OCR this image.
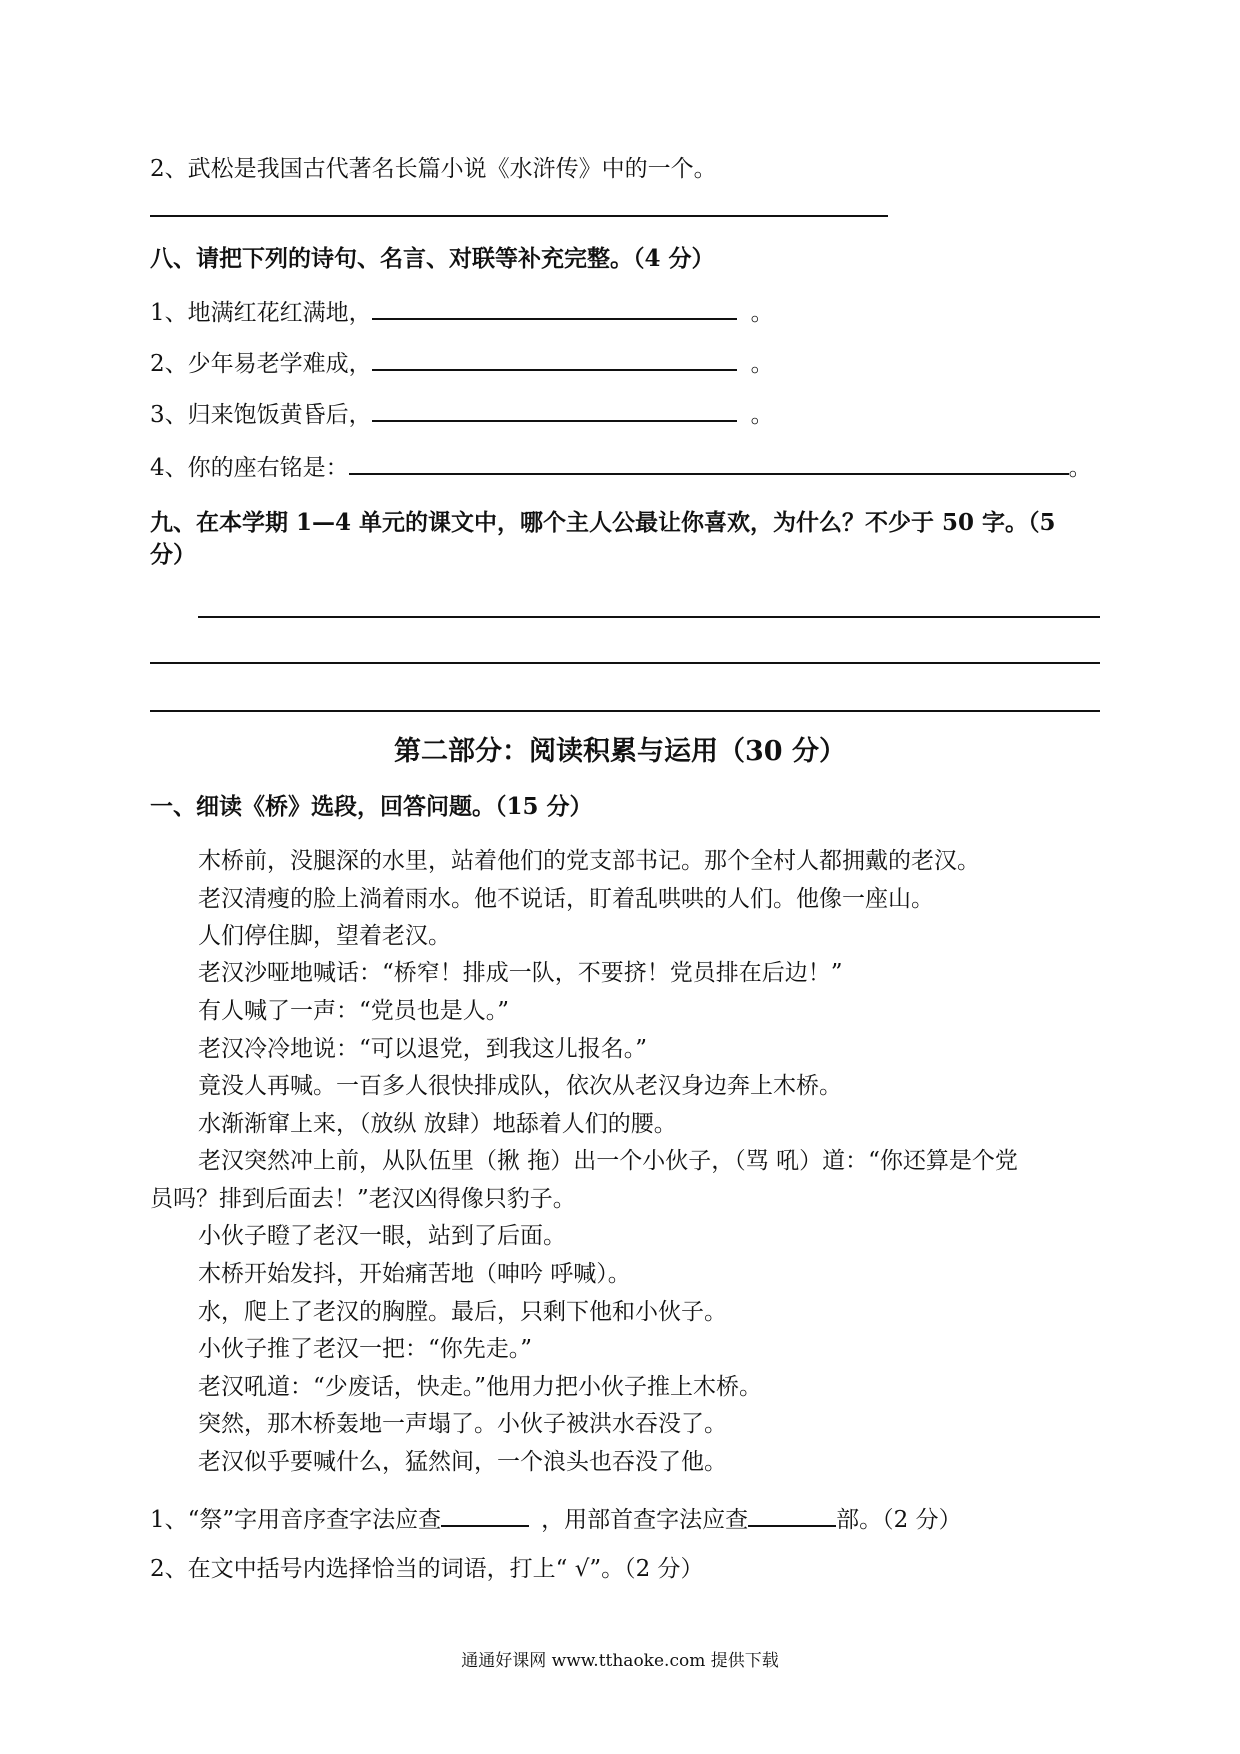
2、武松是我国古代著名长篇小说《水浒传》中的一个。
八、请把下列的诗句、名言、对联等补充完整。（4 分）
1、地满红花红满地，	。
2、少年易老学难成，	。
3、归来饱饭黄昏后，	。
4、你的座右铭是：	。
九、在本学期 1—4 单元的课文中，哪个主人公最让你喜欢，为什么？不少于 50 字。（5
分）
第二部分：阅读积累与运用（30 分）
一、细读《桥》选段，回答问题。（15 分）
木桥前，没腿深的水里，站着他们的党支部书记。那个全村人都拥戴的老汉。
老汉清瘦的脸上淌着雨水。他不说话，盯着乱哄哄的人们。他像一座山。
人们停住脚，望着老汉。
老汉沙哑地喊话：“桥窄！排成一队，不要挤！党员排在后边！”
有人喊了一声：“党员也是人。”
老汉冷冷地说：“可以退党，到我这儿报名。”
竟没人再喊。一百多人很快排成队，依次从老汉身边奔上木桥。
水渐渐窜上来，（放纵 放肆）地舔着人们的腰。
老汉突然冲上前，从队伍里（揪 拖）出一个小伙子，（骂 吼）道：“你还算是个党
员吗？排到后面去！”老汉凶得像只豹子。
小伙子瞪了老汉一眼，站到了后面。
木桥开始发抖，开始痛苦地（呻吟 呼喊）。
水，爬上了老汉的胸膛。最后，只剩下他和小伙子。
小伙子推了老汉一把：“你先走。”
老汉吼道：“少废话，快走。”他用力把小伙子推上木桥。
突然，那木桥轰地一声塌了。小伙子被洪水吞没了。
老汉似乎要喊什么，猛然间，一个浪头也吞没了他。
1、“祭”字用音序查字法应查	，用部首查字法应查	部。（2 分）
2、在文中括号内选择恰当的词语，打上“ √”。（2 分）
通通好课网 www.tthaoke.com 提供下载
